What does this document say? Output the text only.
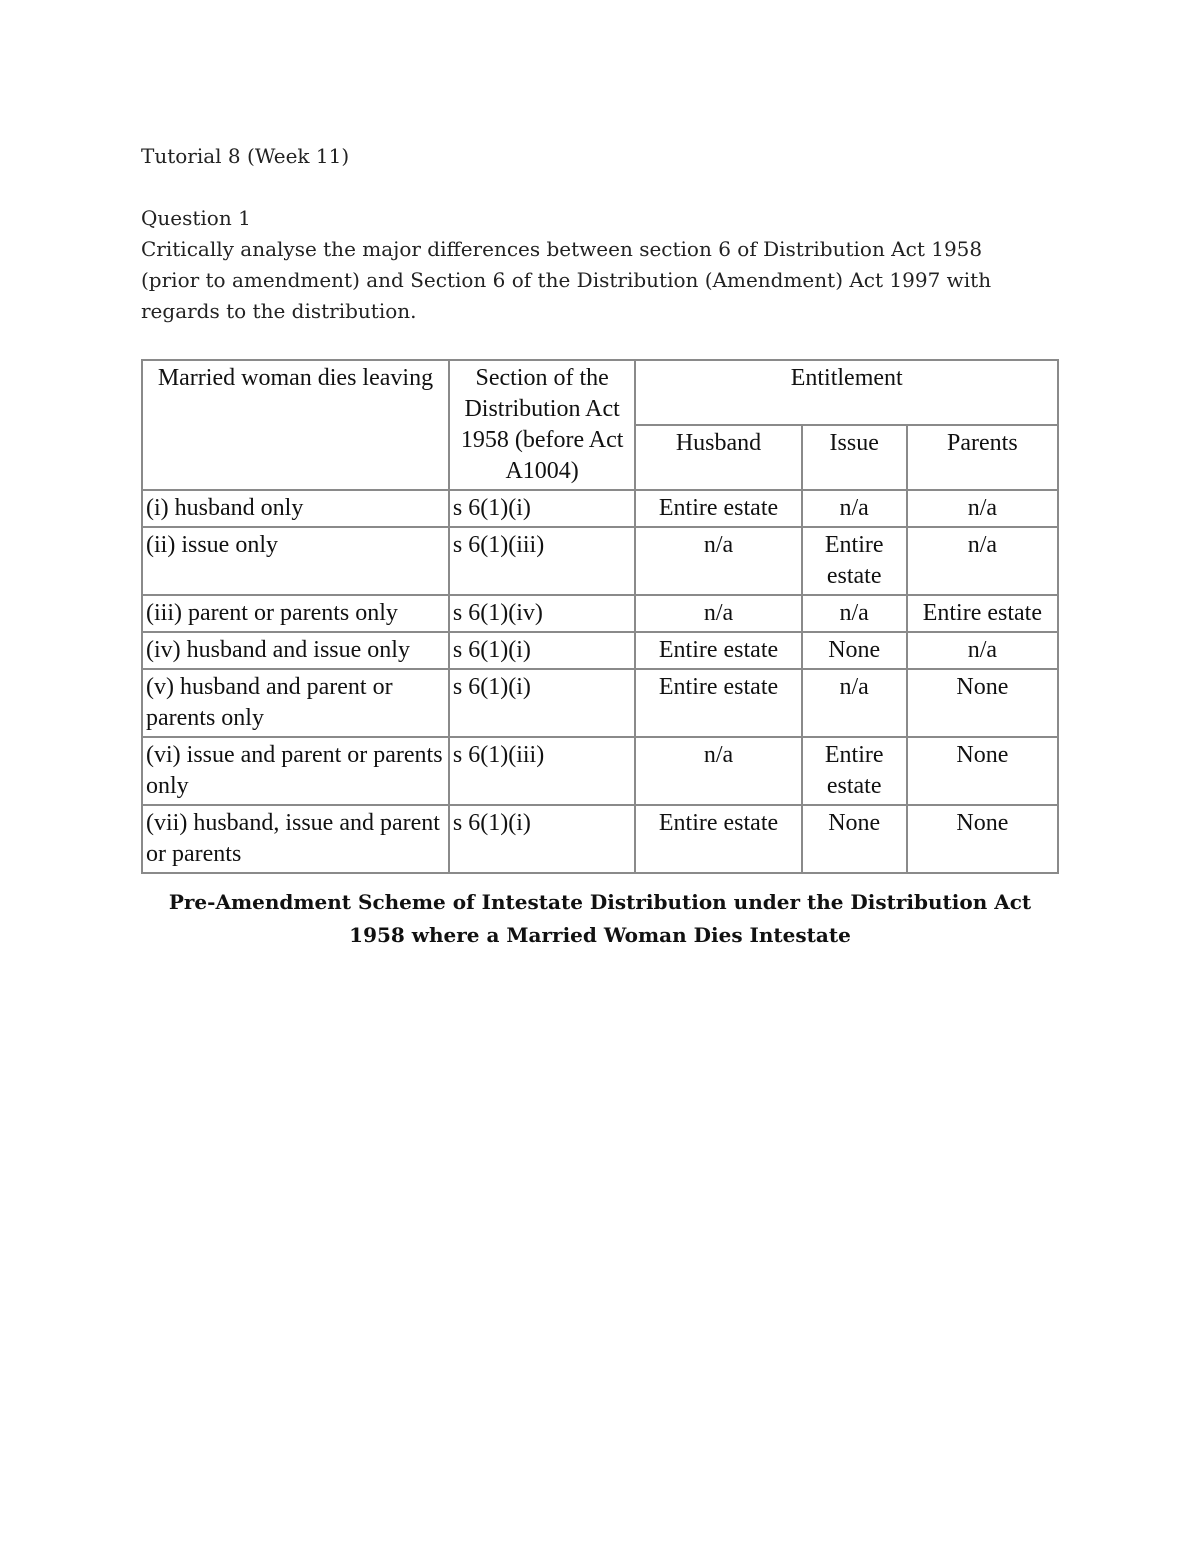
Tutorial 8 (Week 11)
Question 1
Critically analyse the major differences between section 6 of Distribution Act 1958 (prior to amendment) and Section 6 of the Distribution (Amendment) Act 1997 with regards to the distribution.
Married woman dies leaving	Section of the Distribution Act 1958 (before Act A1004)	Entitlement		
		Husband	Issue	Parents
(i) husband only	s 6(1)(i)	Entire estate	n/a	n/a
(ii) issue only	s 6(1)(iii)	n/a	Entire estate	n/a
(iii) parent or parents only	s 6(1)(iv)	n/a	n/a	Entire estate
(iv) husband and issue only	s 6(1)(i)	Entire estate	None	n/a
(v) husband and parent or parents only	s 6(1)(i)	Entire estate	n/a	None
(vi) issue and parent or parents only	s 6(1)(iii)	n/a	Entire estate	None
(vii) husband, issue and parent or parents	s 6(1)(i)	Entire estate	None	None
Pre-Amendment Scheme of Intestate Distribution under the Distribution Act 1958 where a Married Woman Dies Intestate
